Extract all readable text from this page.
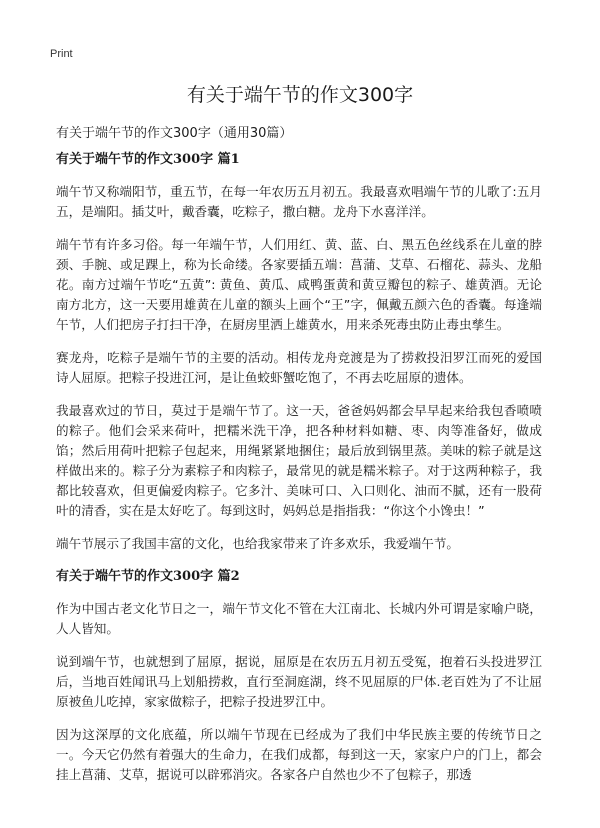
Print
有关于端午节的作文300字

有关于端午节的作文300字（通用30篇）

有关于端午节的作文300字 篇1

端午节又称端阳节，重五节，在每一年农历五月初五。我最喜欢唱端午节的儿歌了:五月五，是端阳。插艾叶，戴香囊，吃粽子，撒白糖。龙舟下水喜洋洋。

端午节有许多习俗。每一年端午节，人们用红、黄、蓝、白、黑五色丝线系在儿童的脖颈、手腕、或足踝上，称为长命缕。各家要插五端：菖蒲、艾草、石榴花、蒜头、龙船花。南方过端午节吃“五黄”: 黄鱼、黄瓜、咸鸭蛋黄和黄豆瓣包的粽子、雄黄酒。无论南方北方，这一天要用雄黄在儿童的额头上画个“王”字，佩戴五颜六色的香囊。每逢端午节，人们把房子打扫干净，在厨房里洒上雄黄水，用来杀死毒虫防止毒虫孳生。

赛龙舟，吃粽子是端午节的主要的活动。相传龙舟竞渡是为了捞救投汨罗江而死的爱国诗人屈原。把粽子投进江河，是让鱼蛟虾蟹吃饱了，不再去吃屈原的遗体。

我最喜欢过的节日，莫过于是端午节了。这一天，爸爸妈妈都会早早起来给我包香喷喷的粽子。他们会采来荷叶，把糯米洗干净，把各种材料如糖、枣、肉等准备好，做成馅；然后用荷叶把粽子包起来，用绳紧紧地捆住；最后放到锅里蒸。美味的粽子就是这样做出来的。粽子分为素粽子和肉粽子，最常见的就是糯米粽子。对于这两种粽子，我都比较喜欢，但更偏爱肉粽子。它多汁、美味可口、入口则化、油而不腻，还有一股荷叶的清香，实在是太好吃了。每到这时，妈妈总是指指我：“你这个小馋虫！”

端午节展示了我国丰富的文化，也给我家带来了许多欢乐，我爱端午节。

有关于端午节的作文300字 篇2

作为中国古老文化节日之一，端午节文化不管在大江南北、长城内外可谓是家喻户晓，人人皆知。

说到端午节，也就想到了屈原，据说，屈原是在农历五月初五受冤，抱着石头投进罗江后，当地百姓闻讯马上划船捞救，直行至洞庭湖，终不见屈原的尸体.老百姓为了不让屈原被鱼儿吃掉，家家做粽子，把粽子投进罗江中。

因为这深厚的文化底蕴，所以端午节现在已经成为了我们中华民族主要的传统节日之一。今天它仍然有着强大的生命力，在我们成都，每到这一天，家家户户的门上，都会挂上菖蒲、艾草，据说可以辟邪消灾。各家各户自然也少不了包粽子，那透
